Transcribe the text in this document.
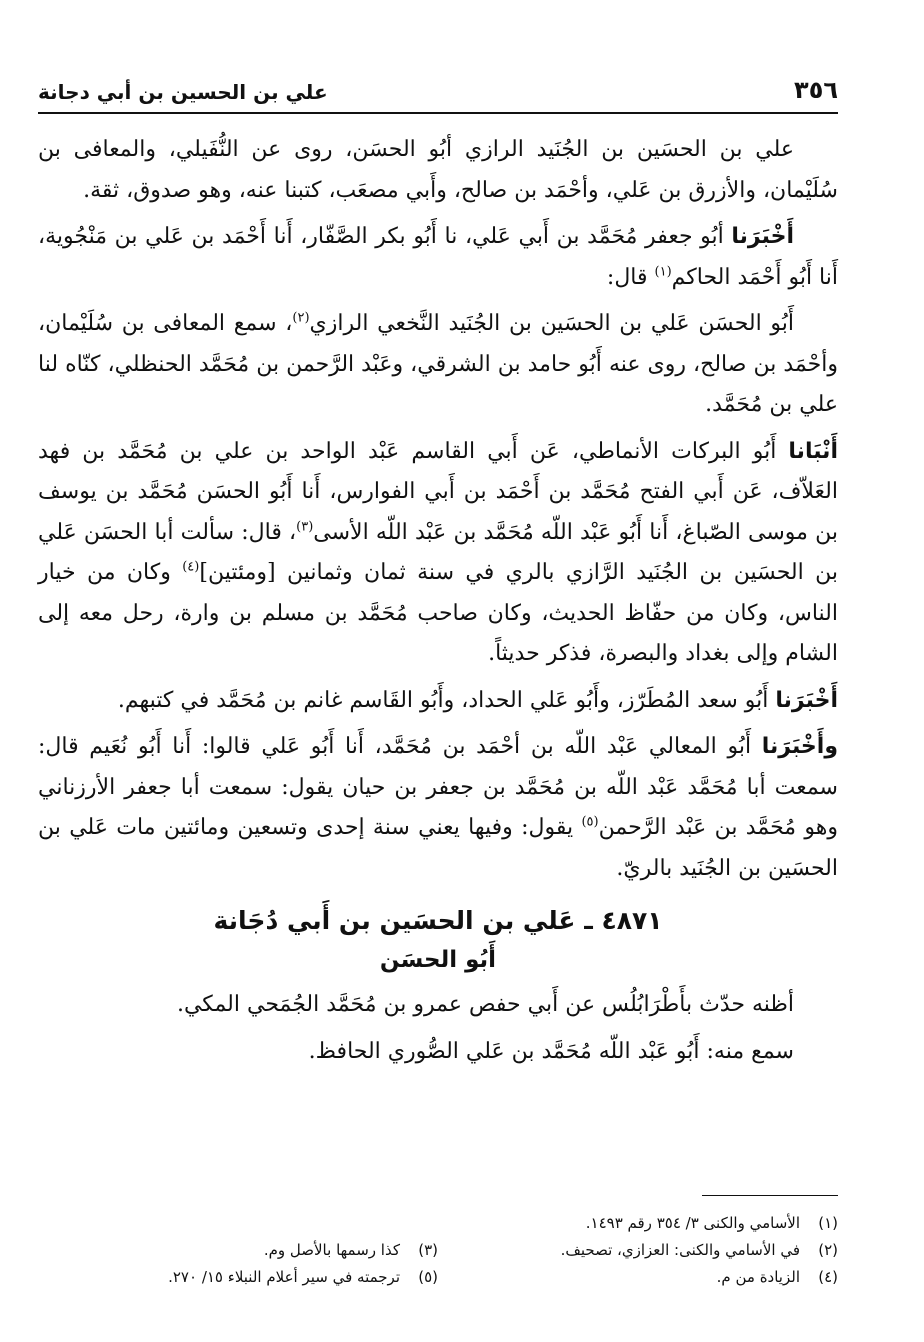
٣٥٦
علي بن الحسين بن أبي دجانة

علي بن الحسَين بن الجُنَيد الرازي أبُو الحسَن، روى عن النُّفَيلي، والمعافى بن سُلَيْمان، والأزرق بن عَلي، وأحْمَد بن صالح، وأَبي مصعَب، كتبنا عنه، وهو صدوق، ثقة.

أَخْبَرَنا أبُو جعفر مُحَمَّد بن أَبي عَلي، نا أَبُو بكر الصَّفّار، أَنا أَحْمَد بن عَلي بن مَنْجُوية، أَنا أَبُو أَحْمَد الحاكم$^{(١)}$ قال:

أَبُو الحسَن عَلي بن الحسَين بن الجُنَيد النَّخعي الرازي$^{(٢)}$، سمع المعافى بن سُلَيْمان، وأحْمَد بن صالح، روى عنه أَبُو حامد بن الشرقي، وعَبْد الرَّحمن بن مُحَمَّد الحنظلي، كنّاه لنا علي بن مُحَمَّد.

أَنْبَانا أَبُو البركات الأنماطي، عَن أَبي القاسم عَبْد الواحد بن علي بن مُحَمَّد بن فهد العَلاّف، عَن أَبي الفتح مُحَمَّد بن أَحْمَد بن أَبي الفوارس، أَنا أَبُو الحسَن مُحَمَّد بن يوسف بن موسى الصّباغ، أَنا أَبُو عَبْد اللّه مُحَمَّد بن عَبْد اللّه الأسى$^{(٣)}$، قال: سألت أبا الحسَن عَلي بن الحسَين بن الجُنَيد الرَّازي بالري في سنة ثمان وثمانين [ومئتين]$^{(٤)}$ وكان من خيار الناس، وكان من حفّاظ الحديث، وكان صاحب مُحَمَّد بن مسلم بن وارة، رحل معه إلى الشام وإلى بغداد والبصرة، فذكر حديثاً.

أَخْبَرَنا أَبُو سعد المُطَرّز، وأَبُو عَلي الحداد، وأَبُو القَاسم غانم بن مُحَمَّد في كتبهم.

وأَخْبَرَنا أَبُو المعالي عَبْد اللّه بن أحْمَد بن مُحَمَّد، أَنا أَبُو عَلي قالوا: أَنا أَبُو نُعَيم قال: سمعت أبا مُحَمَّد عَبْد اللّه بن مُحَمَّد بن جعفر بن حيان يقول: سمعت أبا جعفر الأرزناني وهو مُحَمَّد بن عَبْد الرَّحمن$^{(٥)}$ يقول: وفيها يعني سنة إحدى وتسعين ومائتين مات عَلي بن الحسَين بن الجُنَيد بالريّ.

٤٨٧١ ـ عَلي بن الحسَين بن أَبي دُجَانة
أَبُو الحسَن

أظنه حدّث بأَطْرَابُلُس عن أَبي حفص عمرو بن مُحَمَّد الجُمَحي المكي.

سمع منه: أَبُو عَبْد اللّه مُحَمَّد بن عَلي الصُّوري الحافظ.

(١)الأسامي والكنى ٣/ ٣٥٤ رقم ١٤٩٣.
(٢)في الأسامي والكنى: العزازي، تصحيف.
(٣)كذا رسمها بالأصل وم.
(٤)الزيادة من م.
(٥)ترجمته في سير أعلام النبلاء ١٥/ ٢٧٠.
